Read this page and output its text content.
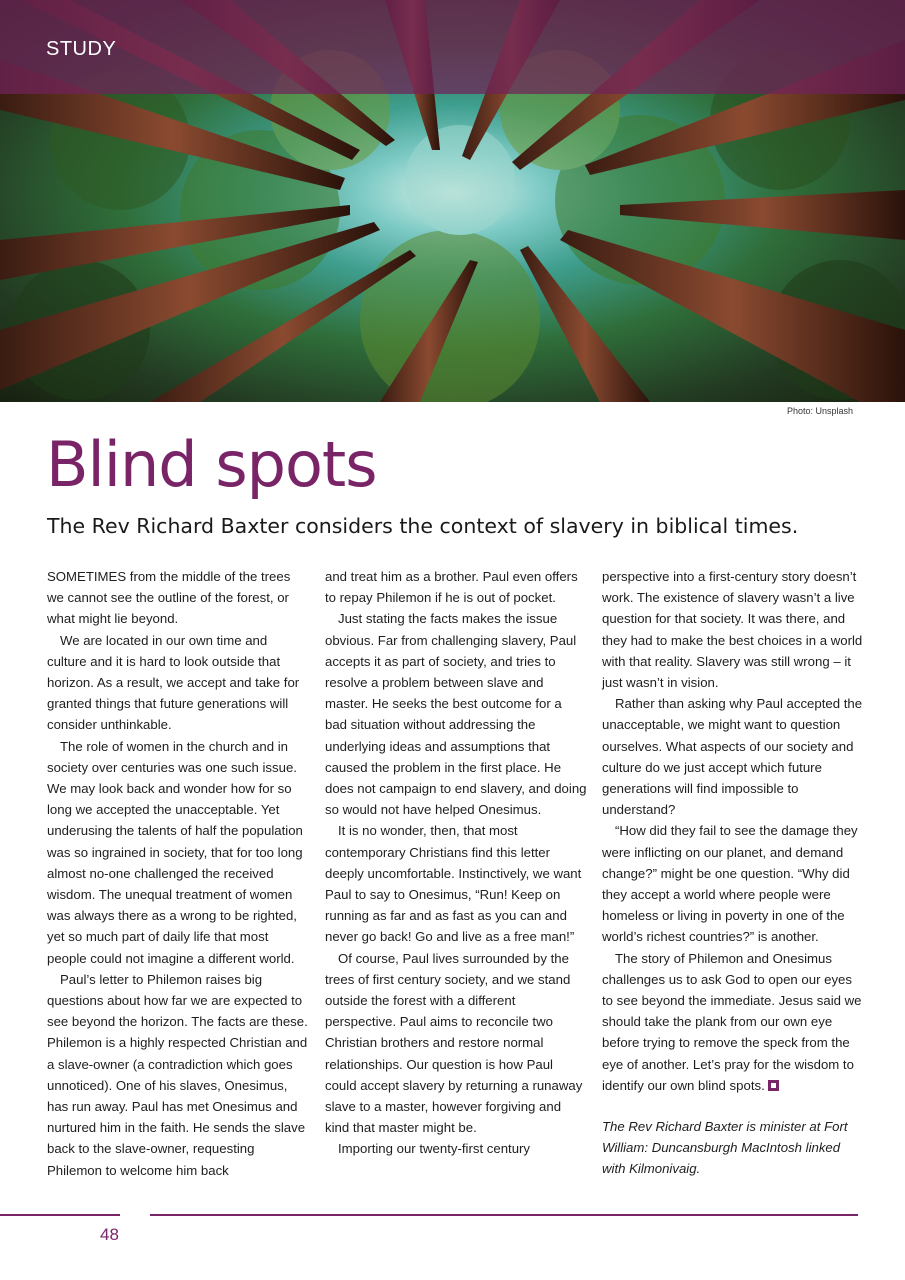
STUDY
Photo: Unsplash
Blind spots
The Rev Richard Baxter considers the context of slavery in biblical times.

SOMETIMES from the middle of the trees we cannot see the outline of the forest, or what might lie beyond.

We are located in our own time and culture and it is hard to look outside that horizon. As a result, we accept and take for granted things that future generations will consider unthinkable.

The role of women in the church and in society over centuries was one such issue. We may look back and wonder how for so long we accepted the unacceptable. Yet underusing the talents of half the population was so ingrained in society, that for too long almost no-one challenged the received wisdom. The unequal treatment of women was always there as a wrong to be righted, yet so much part of daily life that most people could not imagine a different world.

Paul’s letter to Philemon raises big questions about how far we are expected to see beyond the horizon. The facts are these. Philemon is a highly respected Christian and a slave-owner (a contradiction which goes unnoticed). One of his slaves, Onesimus, has run away. Paul has met Onesimus and nurtured him in the faith. He sends the slave back to the slave-owner, requesting Philemon to welcome him back

and treat him as a brother. Paul even offers to repay Philemon if he is out of pocket.

Just stating the facts makes the issue obvious. Far from challenging slavery, Paul accepts it as part of society, and tries to resolve a problem between slave and master. He seeks the best outcome for a bad situation without addressing the underlying ideas and assumptions that caused the problem in the first place. He does not campaign to end slavery, and doing so would not have helped Onesimus.

It is no wonder, then, that most contemporary Christians find this letter deeply uncomfortable. Instinctively, we want Paul to say to Onesimus, “Run! Keep on running as far and as fast as you can and never go back! Go and live as a free man!”

Of course, Paul lives surrounded by the trees of first century society, and we stand outside the forest with a different perspective. Paul aims to reconcile two Christian brothers and restore normal relationships. Our question is how Paul could accept slavery by returning a runaway slave to a master, however forgiving and kind that master might be.

Importing our twenty-first century

perspective into a first-century story doesn’t work. The existence of slavery wasn’t a live question for that society. It was there, and they had to make the best choices in a world with that reality. Slavery was still wrong – it just wasn’t in vision.

Rather than asking why Paul accepted the unacceptable, we might want to question ourselves. What aspects of our society and culture do we just accept which future generations will find impossible to understand?

“How did they fail to see the damage they were inflicting on our planet, and demand change?” might be one question. “Why did they accept a world where people were homeless or living in poverty in one of the world’s richest countries?” is another.

The story of Philemon and Onesimus challenges us to ask God to open our eyes to see beyond the immediate. Jesus said we should take the plank from our own eye before trying to remove the speck from the eye of another. Let’s pray for the wisdom to identify our own blind spots.

The Rev Richard Baxter is minister at Fort William: Duncansburgh MacIntosh linked with Kilmonivaig.

48
